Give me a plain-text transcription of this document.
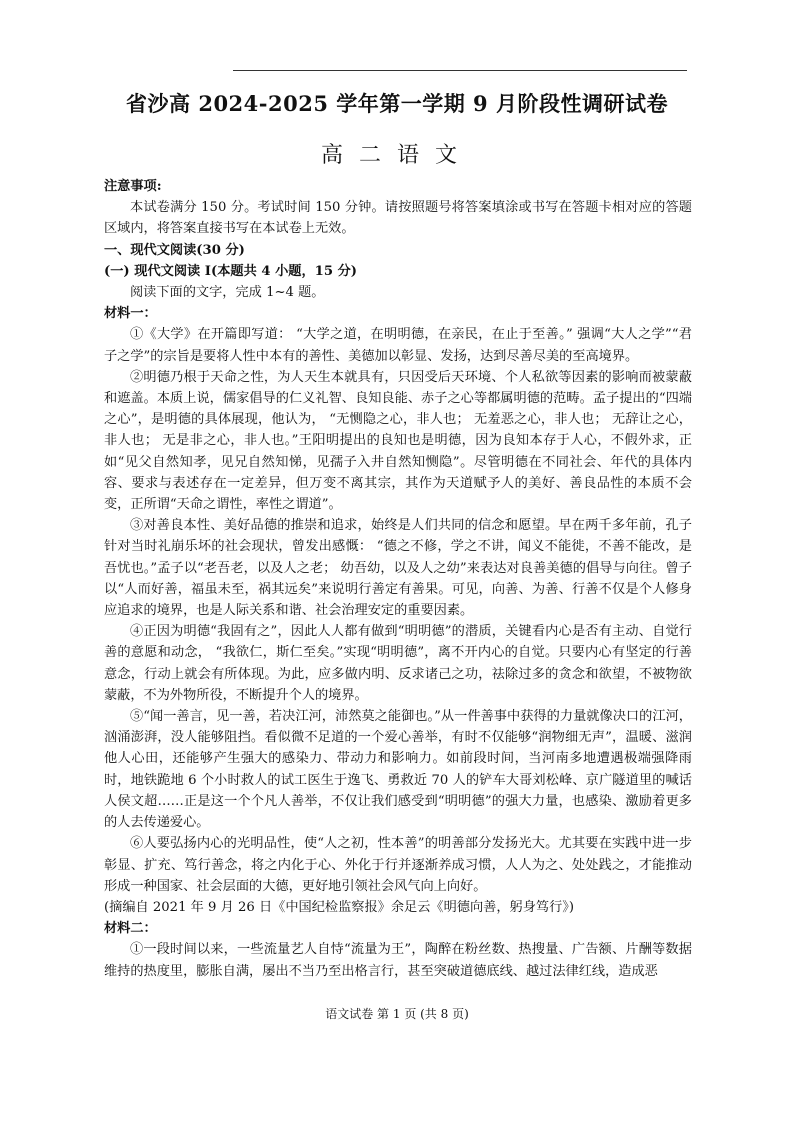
省沙高 2024-2025 学年第一学期 9 月阶段性调研试卷
高二语文

注意事项:

本试卷满分 150 分。考试时间 150 分钟。请按照题号将答案填涂或书写在答题卡相对应的答题区域内，将答案直接书写在本试卷上无效。

一、现代文阅读(30 分)

(一) 现代文阅读 Ⅰ(本题共 4 小题，15 分)

阅读下面的文字，完成 1~4 题。

材料一：

①《大学》在开篇即写道： “大学之道，在明明德，在亲民，在止于至善。” 强调“大人之学”“君子之学”的宗旨是要将人性中本有的善性、美德加以彰显、发扬，达到尽善尽美的至高境界。

②明德乃根于天命之性，为人天生本就具有，只因受后天环境、个人私欲等因素的影响而被蒙蔽和遮盖。本质上说，儒家倡导的仁义礼智、良知良能、赤子之心等都属明德的范畴。孟子提出的“四端之心”，是明德的具体展现，他认为， “无恻隐之心，非人也； 无羞恶之心，非人也； 无辞让之心，非人也； 无是非之心，非人也。”王阳明提出的良知也是明德，因为良知本存于人心，不假外求，正如“见父自然知孝，见兄自然知悌，见孺子入井自然知恻隐”。尽管明德在不同社会、年代的具体内容、要求与表述存在一定差异，但万变不离其宗，其作为天道赋予人的美好、善良品性的本质不会变，正所谓“天命之谓性，率性之谓道”。

③对善良本性、美好品德的推崇和追求，始终是人们共同的信念和愿望。早在两千多年前，孔子针对当时礼崩乐坏的社会现状，曾发出感慨： “德之不修，学之不讲，闻义不能徙，不善不能改，是吾忧也。”孟子以“老吾老，以及人之老； 幼吾幼，以及人之幼”来表达对良善美德的倡导与向往。曾子以“人而好善，福虽未至，祸其远矣”来说明行善定有善果。可见，向善、为善、行善不仅是个人修身应追求的境界，也是人际关系和谐、社会治理安定的重要因素。

④正因为明德“我固有之”，因此人人都有做到“明明德”的潜质，关键看内心是否有主动、自觉行善的意愿和动念， “我欲仁，斯仁至矣。”实现“明明德”，离不开内心的自觉。只要内心有坚定的行善意念，行动上就会有所体现。为此，应多做内明、反求诸己之功，祛除过多的贪念和欲望，不被物欲蒙蔽，不为外物所役，不断提升个人的境界。

⑤“闻一善言，见一善，若决江河，沛然莫之能御也。”从一件善事中获得的力量就像决口的江河，汹涌澎湃，没人能够阻挡。看似微不足道的一个爱心善举，有时不仅能够“润物细无声”，温暖、滋润他人心田，还能够产生强大的感染力、带动力和影响力。如前段时间，当河南多地遭遇极端强降雨时，地铁跪地 6 个小时救人的试工医生于逸飞、勇救近 70 人的铲车大哥刘松峰、京广隧道里的喊话人侯文超……正是这一个个凡人善举，不仅让我们感受到“明明德”的强大力量，也感染、激励着更多的人去传递爱心。

⑥人要弘扬内心的光明品性，使“人之初，性本善”的明善部分发扬光大。尤其要在实践中进一步彰显、扩充、笃行善念，将之内化于心、外化于行并逐渐养成习惯，人人为之、处处践之，才能推动形成一种国家、社会层面的大德，更好地引领社会风气向上向好。

(摘编自 2021 年 9 月 26 日《中国纪检监察报》余足云《明德向善，躬身笃行》)

材料二：

①一段时间以来，一些流量艺人自恃“流量为王”，陶醉在粉丝数、热搜量、广告额、片酬等数据维持的热度里，膨胀自满，屡出不当乃至出格言行，甚至突破道德底线、越过法律红线，造成恶

语文试卷 第 1 页 (共 8 页)
